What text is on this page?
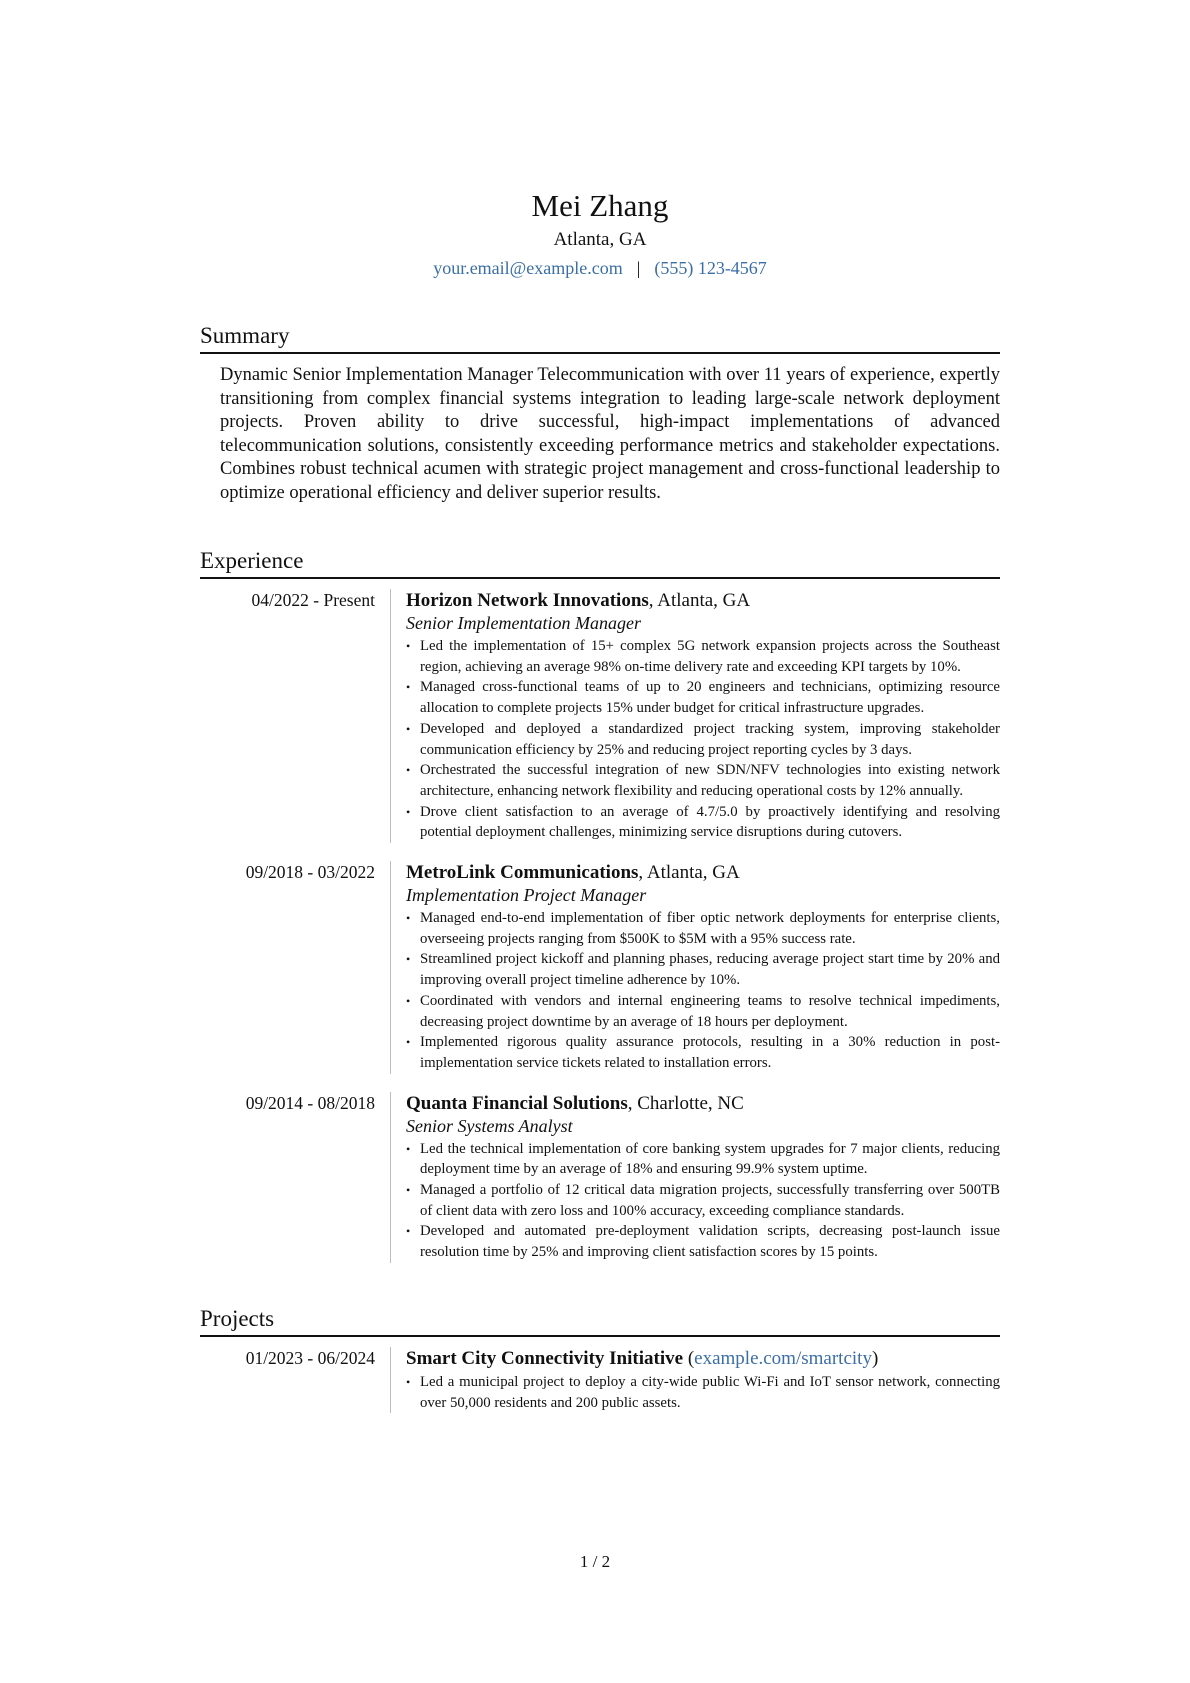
Mei Zhang
Atlanta, GA
your.email@example.com | (555) 123-4567
Summary

Dynamic Senior Implementation Manager Telecommunication with over 11 years of experience, expertly transitioning from complex financial systems integration to leading large-scale network deployment projects. Proven ability to drive successful, high-impact implementations of advanced telecommunication solutions, consistently exceeding performance metrics and stakeholder expectations. Combines robust technical acumen with strategic project management and cross-functional leadership to optimize operational efficiency and deliver superior results.

Experience
04/2022 - Present	Horizon Network Innovations, Atlanta, GA
Senior Implementation Manager
• Led the implementation of 15+ complex 5G network expansion projects across the Southeast region, achieving an average 98% on-time delivery rate and exceeding KPI targets by 10%.
• Managed cross-functional teams of up to 20 engineers and technicians, optimizing resource allocation to complete projects 15% under budget for critical infrastructure upgrades.
• Developed and deployed a standardized project tracking system, improving stakeholder communication efficiency by 25% and reducing project reporting cycles by 3 days.
• Orchestrated the successful integration of new SDN/NFV technologies into existing network architecture, enhancing network flexibility and reducing operational costs by 12% annually.
• Drove client satisfaction to an average of 4.7/5.0 by proactively identifying and resolving potential deployment challenges, minimizing service disruptions during cutovers.
09/2018 - 03/2022	MetroLink Communications, Atlanta, GA
Implementation Project Manager
• Managed end-to-end implementation of fiber optic network deployments for enterprise clients, overseeing projects ranging from $500K to $5M with a 95% success rate.
• Streamlined project kickoff and planning phases, reducing average project start time by 20% and improving overall project timeline adherence by 10%.
• Coordinated with vendors and internal engineering teams to resolve technical impediments, decreasing project downtime by an average of 18 hours per deployment.
• Implemented rigorous quality assurance protocols, resulting in a 30% reduction in post-implementation service tickets related to installation errors.
09/2014 - 08/2018	Quanta Financial Solutions, Charlotte, NC
Senior Systems Analyst
• Led the technical implementation of core banking system upgrades for 7 major clients, reducing deployment time by an average of 18% and ensuring 99.9% system uptime.
• Managed a portfolio of 12 critical data migration projects, successfully transferring over 500TB of client data with zero loss and 100% accuracy, exceeding compliance standards.
• Developed and automated pre-deployment validation scripts, decreasing post-launch issue resolution time by 25% and improving client satisfaction scores by 15 points.
Projects
01/2023 - 06/2024	Smart City Connectivity Initiative (example.com/smartcity)
• Led a municipal project to deploy a city-wide public Wi-Fi and IoT sensor network, connecting over 50,000 residents and 200 public assets.
1 / 2
